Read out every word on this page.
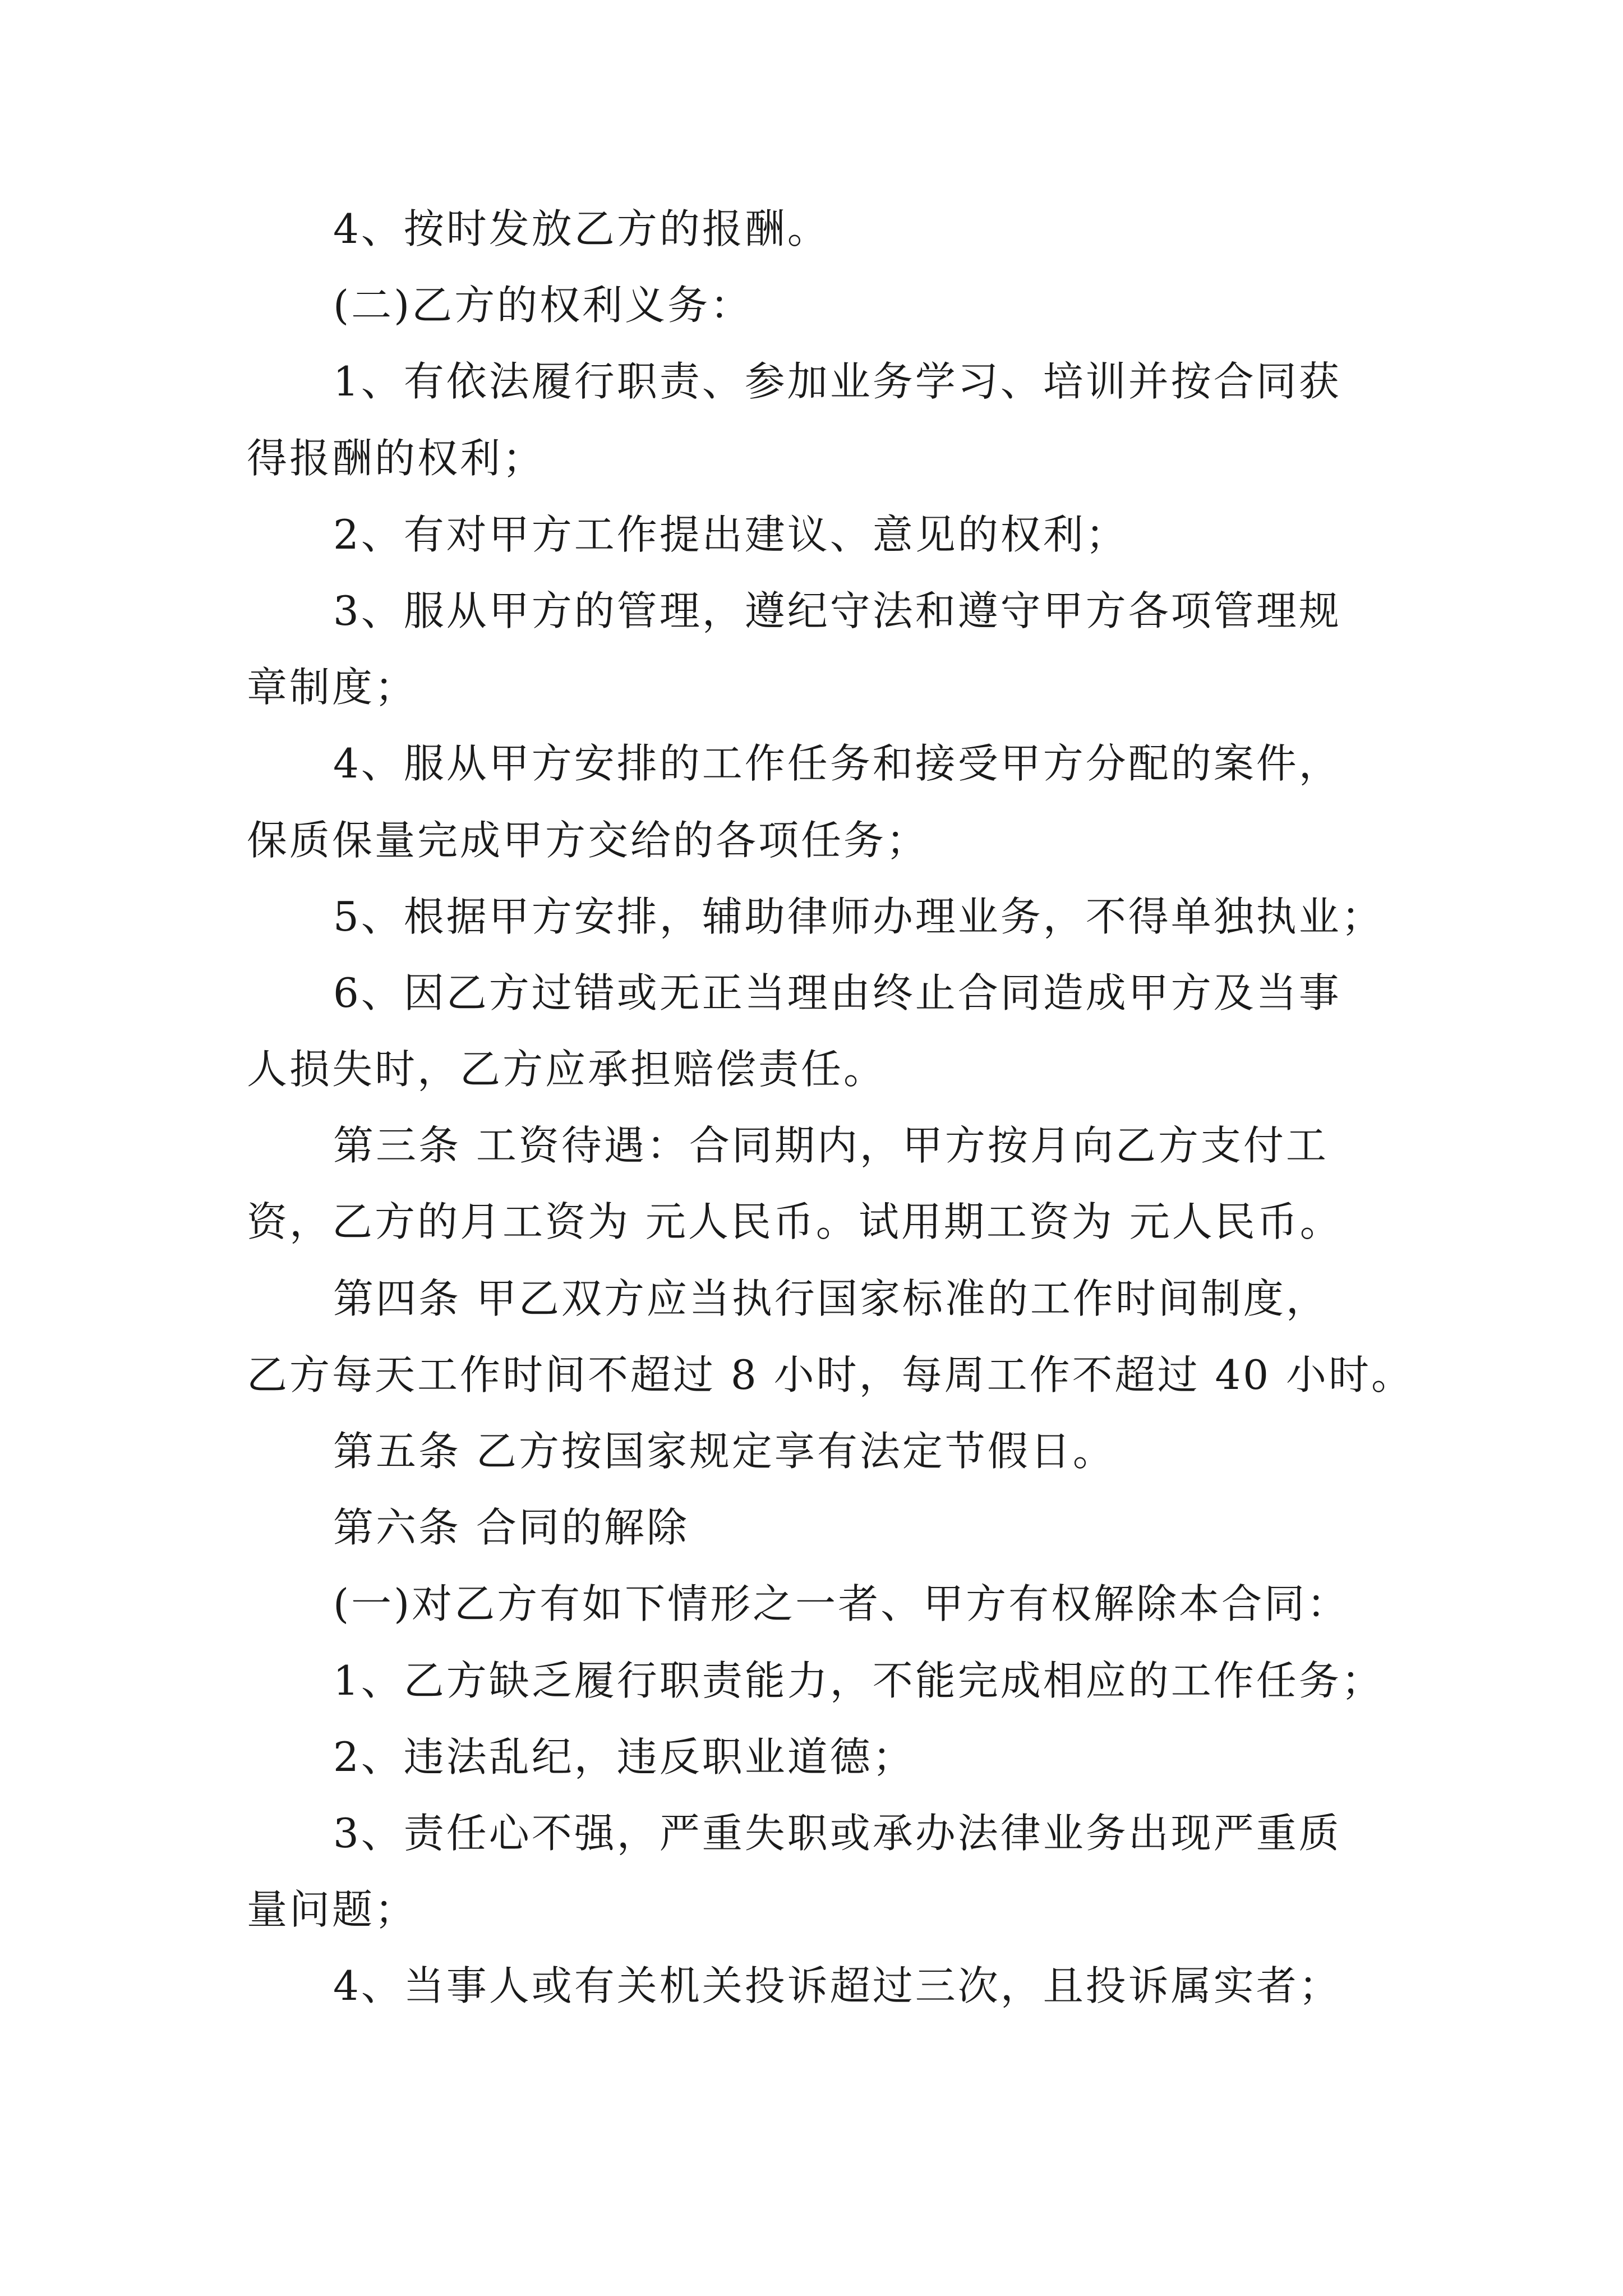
4、按时发放乙方的报酬。
(二)乙方的权利义务：
1、有依法履行职责、参加业务学习、培训并按合同获
得报酬的权利；
2、有对甲方工作提出建议、意见的权利；
3、服从甲方的管理，遵纪守法和遵守甲方各项管理规
章制度；
4、服从甲方安排的工作任务和接受甲方分配的案件，
保质保量完成甲方交给的各项任务；
5、根据甲方安排，辅助律师办理业务，不得单独执业；
6、因乙方过错或无正当理由终止合同造成甲方及当事
人损失时，乙方应承担赔偿责任。
第三条 工资待遇：合同期内，甲方按月向乙方支付工
资，乙方的月工资为 元人民币。试用期工资为 元人民币。
第四条 甲乙双方应当执行国家标准的工作时间制度，
乙方每天工作时间不超过 8 小时，每周工作不超过 40 小时。
第五条 乙方按国家规定享有法定节假日。
第六条 合同的解除
(一)对乙方有如下情形之一者、甲方有权解除本合同：
1、乙方缺乏履行职责能力，不能完成相应的工作任务；
2、违法乱纪，违反职业道德；
3、责任心不强，严重失职或承办法律业务出现严重质
量问题；
4、当事人或有关机关投诉超过三次，且投诉属实者；
